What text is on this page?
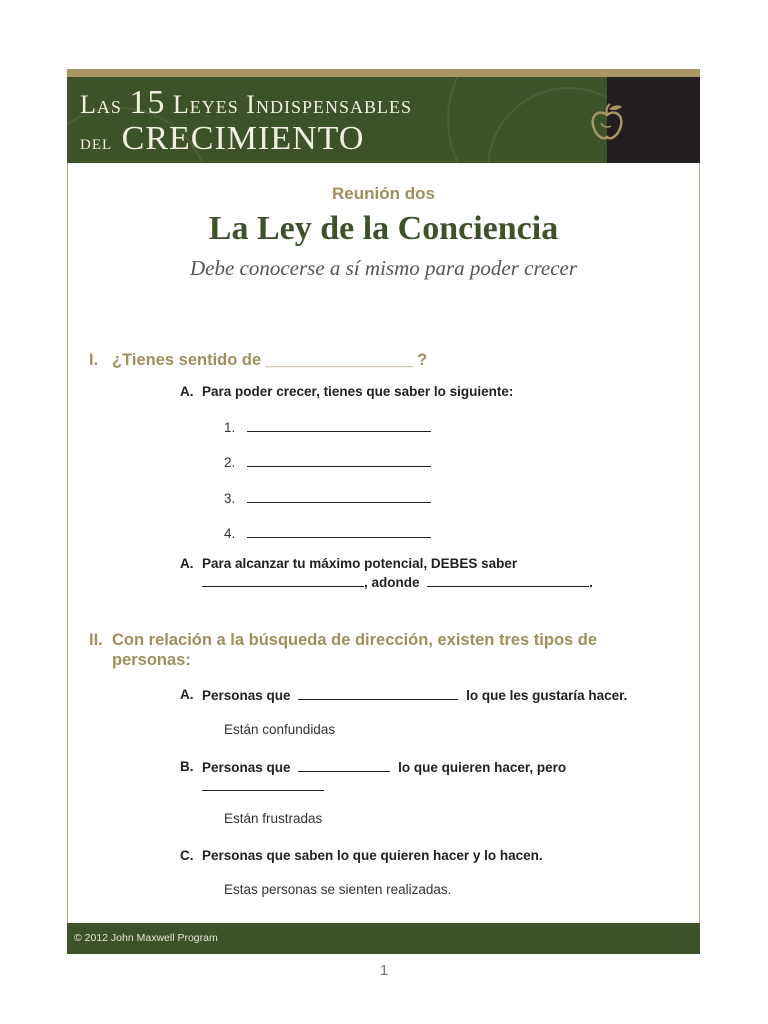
Las 15 Leyes Indispensables
del CRECIMIENTO
Reunión dos
La Ley de la Conciencia
Debe conocerse a sí mismo para poder crecer
I. ¿Tienes sentido de ________________ ?
A. Para poder crecer, tienes que saber lo siguiente:
1.
2.
3.
4.
A. Para alcanzar tu máximo potencial, DEBES saber
, adonde	.
II. Con relación a la búsqueda de dirección, existen tres tipos de personas:
A. Personas que	lo que les gustaría hacer.
Están confundidas
B. Personas que	lo que quieren hacer, pero

Están frustradas
C. Personas que saben lo que quieren hacer y lo hacen.
Estas personas se sienten realizadas.
© 2012 John Maxwell Program
1
